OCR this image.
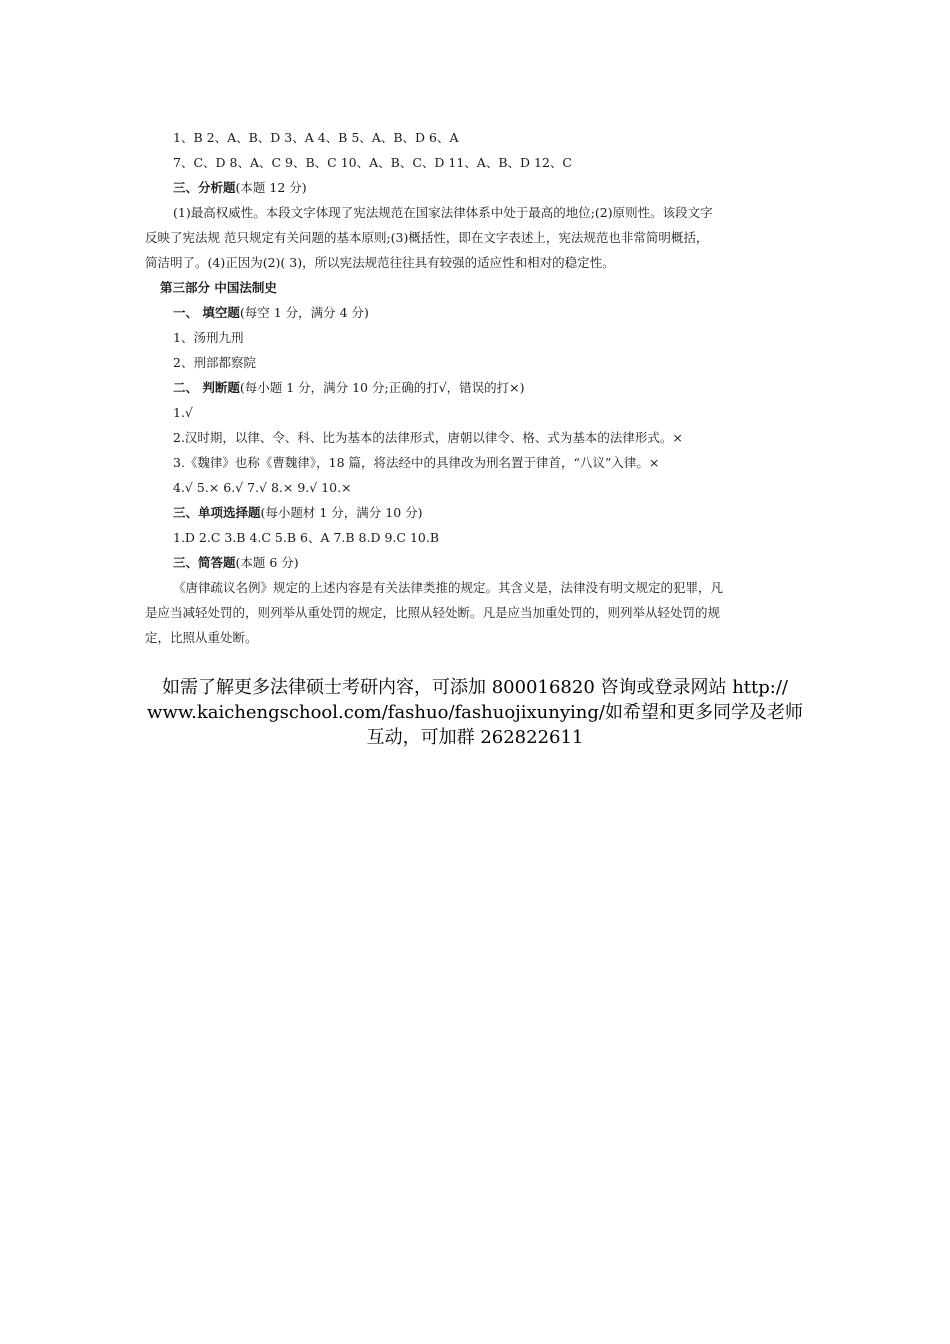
1、B 2、A、B、D 3、A 4、B 5、A、B、D 6、A
7、C、D 8、A、C 9、B、C 10、A、B、C、D 11、A、B、D 12、C
三、分析题(本题 12 分)
(1)最高权威性。本段文字体现了宪法规范在国家法律体系中处于最高的地位;(2)原则性。该段文字
反映了宪法规 范只规定有关问题的基本原则;(3)概括性，即在文字表述上，宪法规范也非常简明概括，
简洁明了。(4)正因为(2)( 3)，所以宪法规范往往具有较强的适应性和相对的稳定性。
第三部分 中国法制史
一、 填空题(每空 1 分，满分 4 分)
1、汤刑九刑
2、刑部都察院
二、 判断题(每小题 1 分，满分 10 分;正确的打√，错误的打×)
1.√
2.汉时期，以律、令、科、比为基本的法律形式，唐朝以律令、格、式为基本的法律形式。×
3.《魏律》也称《曹魏律》，18 篇，将法经中的具律改为刑名置于律首，“八议”入律。×
4.√ 5.× 6.√ 7.√ 8.× 9.√ 10.×
三、单项选择题(每小题材 1 分，满分 10 分)
1.D 2.C 3.B 4.C 5.B 6、A 7.B 8.D 9.C 10.B
三、简答题(本题 6 分)
《唐律疏议名例》规定的上述内容是有关法律类推的规定。其含义是，法律没有明文规定的犯罪，凡
是应当减轻处罚的，则列举从重处罚的规定，比照从轻处断。凡是应当加重处罚的，则列举从轻处罚的规
定，比照从重处断。
如需了解更多法律硕士考研内容，可添加 800016820 咨询或登录网站 http://
www.kaichengschool.com/fashuo/fashuojixunying/如希望和更多同学及老师
互动，可加群 262822611
